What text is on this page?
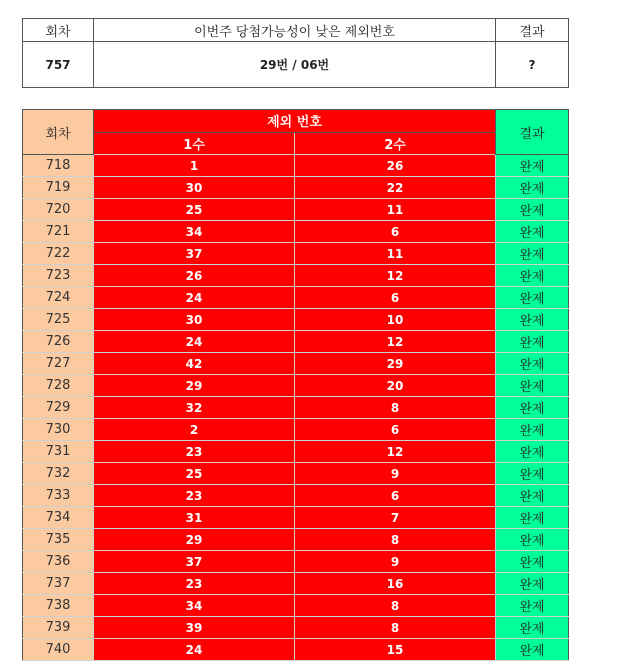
회차	이번주 당첨가능성이 낮은 제외번호	결과
757	29번 / 06번	?
회차	제외 번호		결과
	1수	2수	
718	1	26	완제
719	30	22	완제
720	25	11	완제
721	34	6	완제
722	37	11	완제
723	26	12	완제
724	24	6	완제
725	30	10	완제
726	24	12	완제
727	42	29	완제
728	29	20	완제
729	32	8	완제
730	2	6	완제
731	23	12	완제
732	25	9	완제
733	23	6	완제
734	31	7	완제
735	29	8	완제
736	37	9	완제
737	23	16	완제
738	34	8	완제
739	39	8	완제
740	24	15	완제
